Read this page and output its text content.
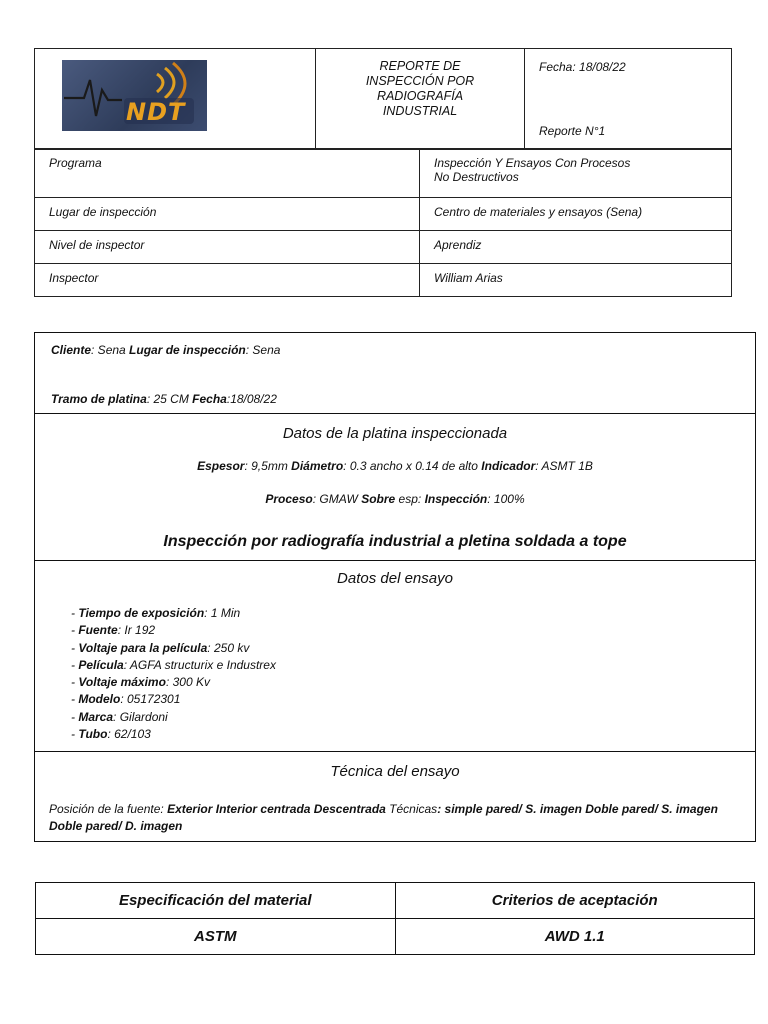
NDT

REPORTE DE
INSPECCIÓN POR
RADIOGRAFÍA
INDUSTRIAL

Fecha: 18/08/22
Reporte N°1
Programa	Inspección Y Ensayos Con Procesos
No Destructivos

Lugar de inspección	Centro de materiales y ensayos (Sena)
Nivel de inspector	Aprendiz
Inspector	William Arias
Cliente: Sena Lugar de inspección: Sena
Tramo de platina: 25 CM Fecha:18/08/22
Datos de la platina inspeccionada
Espesor: 9,5mm Diámetro: 0.3 ancho x 0.14 de alto Indicador: ASMT 1B
Proceso: GMAW Sobre esp: Inspección: 100%
Inspección por radiografía industrial a pletina soldada a tope
Datos del ensayo
- Tiempo de exposición: 1 Min
- Fuente: Ir 192
- Voltaje para la película: 250 kv
- Película: AGFA structurix e Industrex
- Voltaje máximo: 300 Kv
- Modelo: 05172301
- Marca: Gilardoni
- Tubo: 62/103
Técnica del ensayo
Posición de la fuente: Exterior Interior centrada Descentrada Técnicas: simple pared/ S. imagen Doble pared/ S. imagen Doble pared/ D. imagen
Especificación del material	Criterios de aceptación
ASTM	AWD 1.1
